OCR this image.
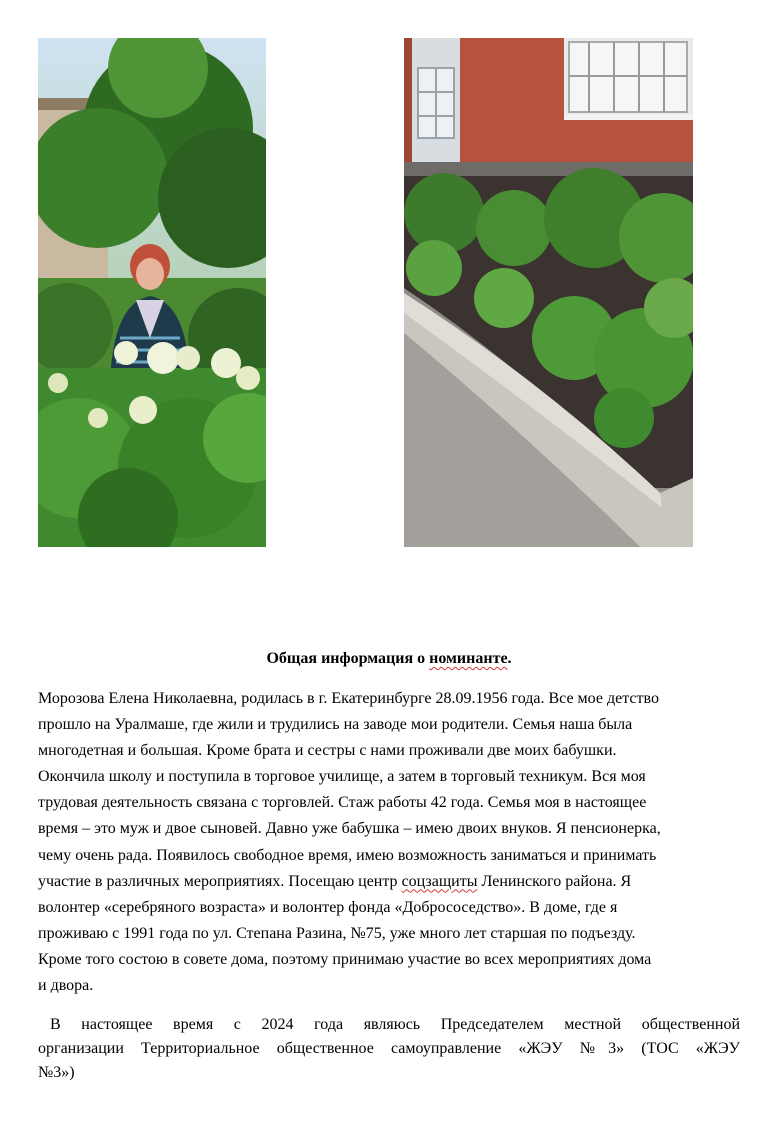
Общая информация о номинанте.
Морозова Елена Николаевна, родилась в г. Екатеринбурге 28.09.1956 года. Все мое детство
прошло на Уралмаше, где жили и трудились на заводе мои родители. Семья наша была
многодетная и большая. Кроме брата и сестры с нами проживали две моих бабушки.
Окончила школу и поступила в торговое училище, а затем в торговый техникум. Вся моя
трудовая деятельность связана с торговлей. Стаж работы 42 года. Семья моя в настоящее
время – это муж и двое сыновей. Давно уже бабушка – имею двоих внуков. Я пенсионерка,
чему очень рада. Появилось свободное время, имею возможность заниматься и принимать
участие в различных мероприятиях. Посещаю центр соцзащиты Ленинского района. Я
волонтер «серебряного возраста» и волонтер фонда «Добрососедство». В доме, где я
проживаю с 1991 года по ул. Степана Разина, №75, уже много лет старшая по подъезду.
Кроме того состою в совете дома, поэтому принимаю участие во всех мероприятиях дома
и двора.
В настоящее время с 2024 года являюсь Председателем местной общественной
организации Территориальное общественное самоуправление «ЖЭУ №3» (ТОС «ЖЭУ
№3»)
